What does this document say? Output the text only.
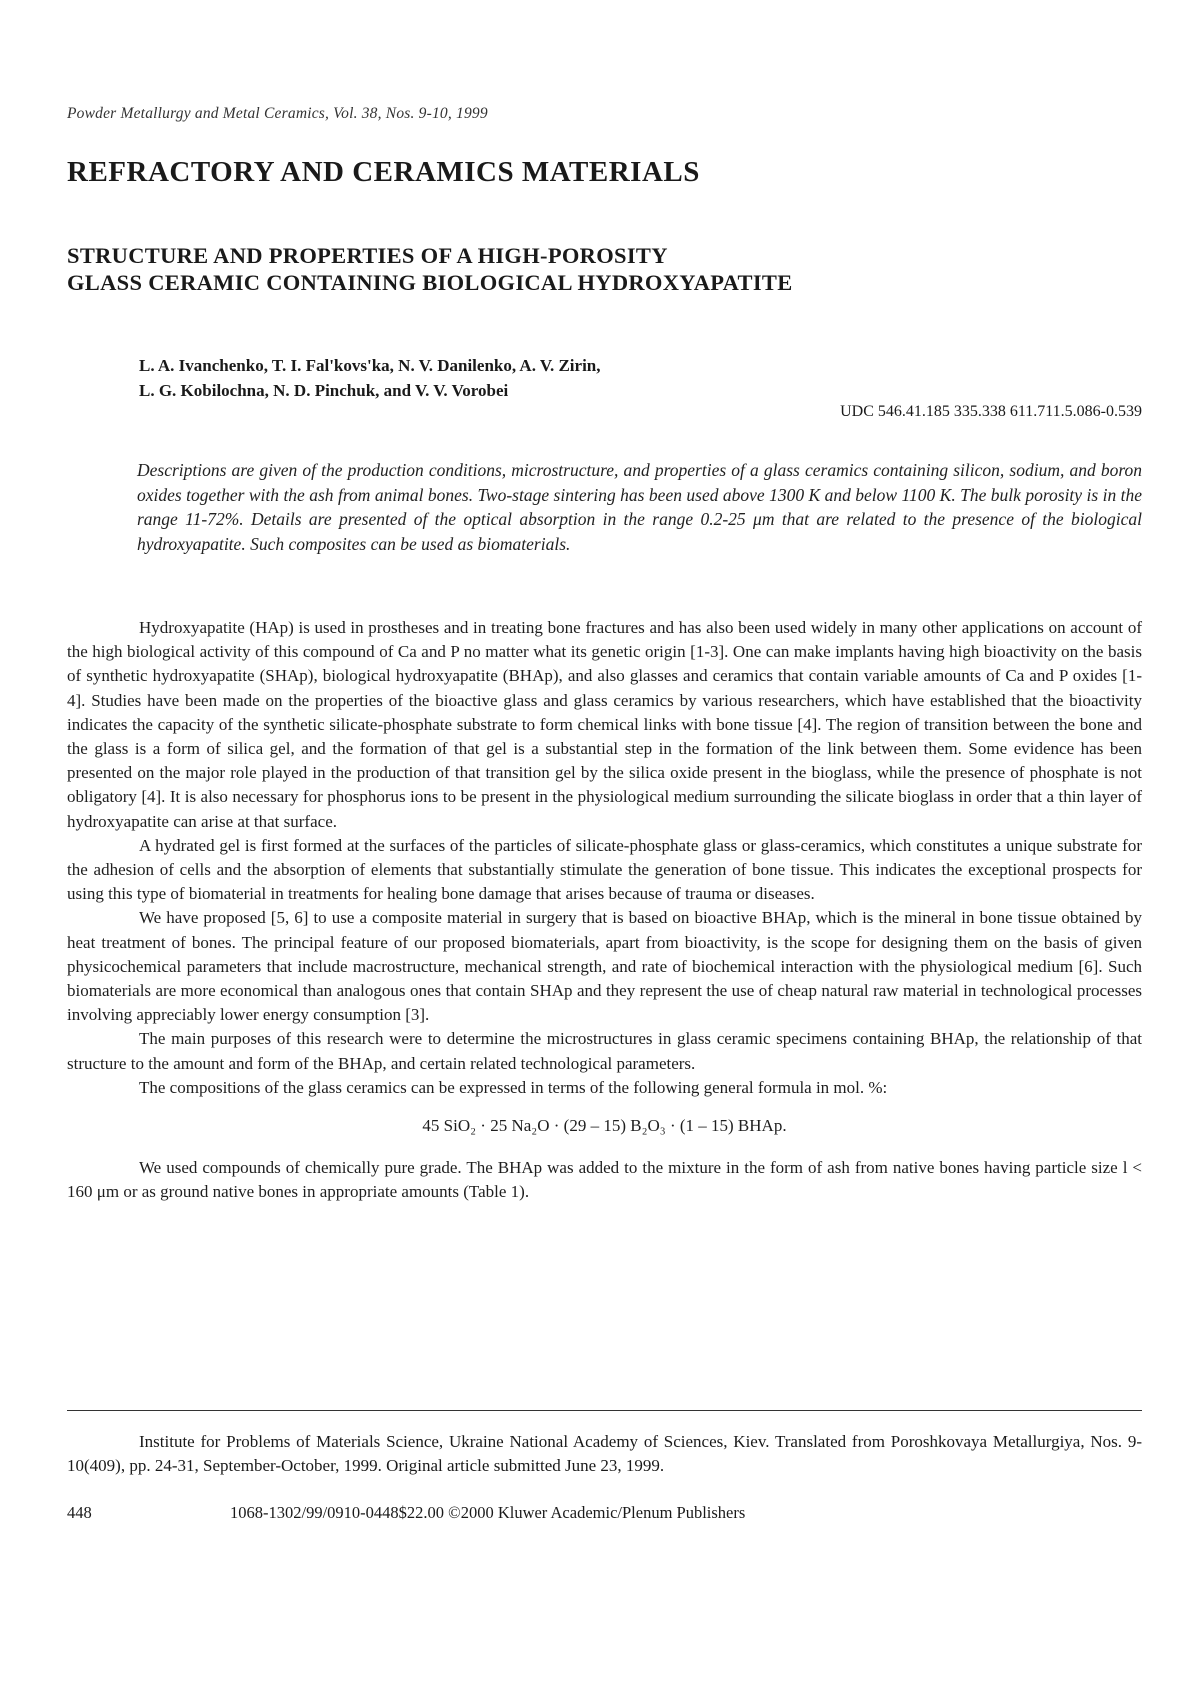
Powder Metallurgy and Metal Ceramics, Vol. 38, Nos. 9-10, 1999
REFRACTORY AND CERAMICS MATERIALS
STRUCTURE AND PROPERTIES OF A HIGH-POROSITY
GLASS CERAMIC CONTAINING BIOLOGICAL HYDROXYAPATITE
L. A. Ivanchenko, T. I. Fal'kovs'ka, N. V. Danilenko, A. V. Zirin,
L. G. Kobilochna, N. D. Pinchuk, and V. V. Vorobei
UDC 546.41.185 335.338 611.711.5.086-0.539

Descriptions are given of the production conditions, microstructure, and properties of a glass ceramics containing silicon, sodium, and boron oxides together with the ash from animal bones. Two-stage sintering has been used above 1300 K and below 1100 K. The bulk porosity is in the range 11-72%. Details are presented of the optical absorption in the range 0.2-25 μm that are related to the presence of the biological hydroxyapatite. Such composites can be used as biomaterials.

Hydroxyapatite (HAp) is used in prostheses and in treating bone fractures and has also been used widely in many other applications on account of the high biological activity of this compound of Ca and P no matter what its genetic origin [1-3]. One can make implants having high bioactivity on the basis of synthetic hydroxyapatite (SHAp), biological hydroxyapatite (BHAp), and also glasses and ceramics that contain variable amounts of Ca and P oxides [1-4]. Studies have been made on the properties of the bioactive glass and glass ceramics by various researchers, which have established that the bioactivity indicates the capacity of the synthetic silicate-phosphate substrate to form chemical links with bone tissue [4]. The region of transition between the bone and the glass is a form of silica gel, and the formation of that gel is a substantial step in the formation of the link between them. Some evidence has been presented on the major role played in the production of that transition gel by the silica oxide present in the bioglass, while the presence of phosphate is not obligatory [4]. It is also necessary for phosphorus ions to be present in the physiological medium surrounding the silicate bioglass in order that a thin layer of hydroxyapatite can arise at that surface.

A hydrated gel is first formed at the surfaces of the particles of silicate-phosphate glass or glass-ceramics, which constitutes a unique substrate for the adhesion of cells and the absorption of elements that substantially stimulate the generation of bone tissue. This indicates the exceptional prospects for using this type of biomaterial in treatments for healing bone damage that arises because of trauma or diseases.

We have proposed [5, 6] to use a composite material in surgery that is based on bioactive BHAp, which is the mineral in bone tissue obtained by heat treatment of bones. The principal feature of our proposed biomaterials, apart from bioactivity, is the scope for designing them on the basis of given physicochemical parameters that include macrostructure, mechanical strength, and rate of biochemical interaction with the physiological medium [6]. Such biomaterials are more economical than analogous ones that contain SHAp and they represent the use of cheap natural raw material in technological processes involving appreciably lower energy consumption [3].

The main purposes of this research were to determine the microstructures in glass ceramic specimens containing BHAp, the relationship of that structure to the amount and form of the BHAp, and certain related technological parameters.

The compositions of the glass ceramics can be expressed in terms of the following general formula in mol. %:

45 SiO₂ · 25 Na₂O · (29 – 15) B₂O₃ · (1 – 15) BHAp.

We used compounds of chemically pure grade. The BHAp was added to the mixture in the form of ash from native bones having particle size l < 160 μm or as ground native bones in appropriate amounts (Table 1).

Institute for Problems of Materials Science, Ukraine National Academy of Sciences, Kiev. Translated from Poroshkovaya Metallurgiya, Nos. 9-10(409), pp. 24-31, September-October, 1999. Original article submitted June 23, 1999.

448	1068-1302/99/0910-0448$22.00 ©2000 Kluwer Academic/Plenum Publishers
